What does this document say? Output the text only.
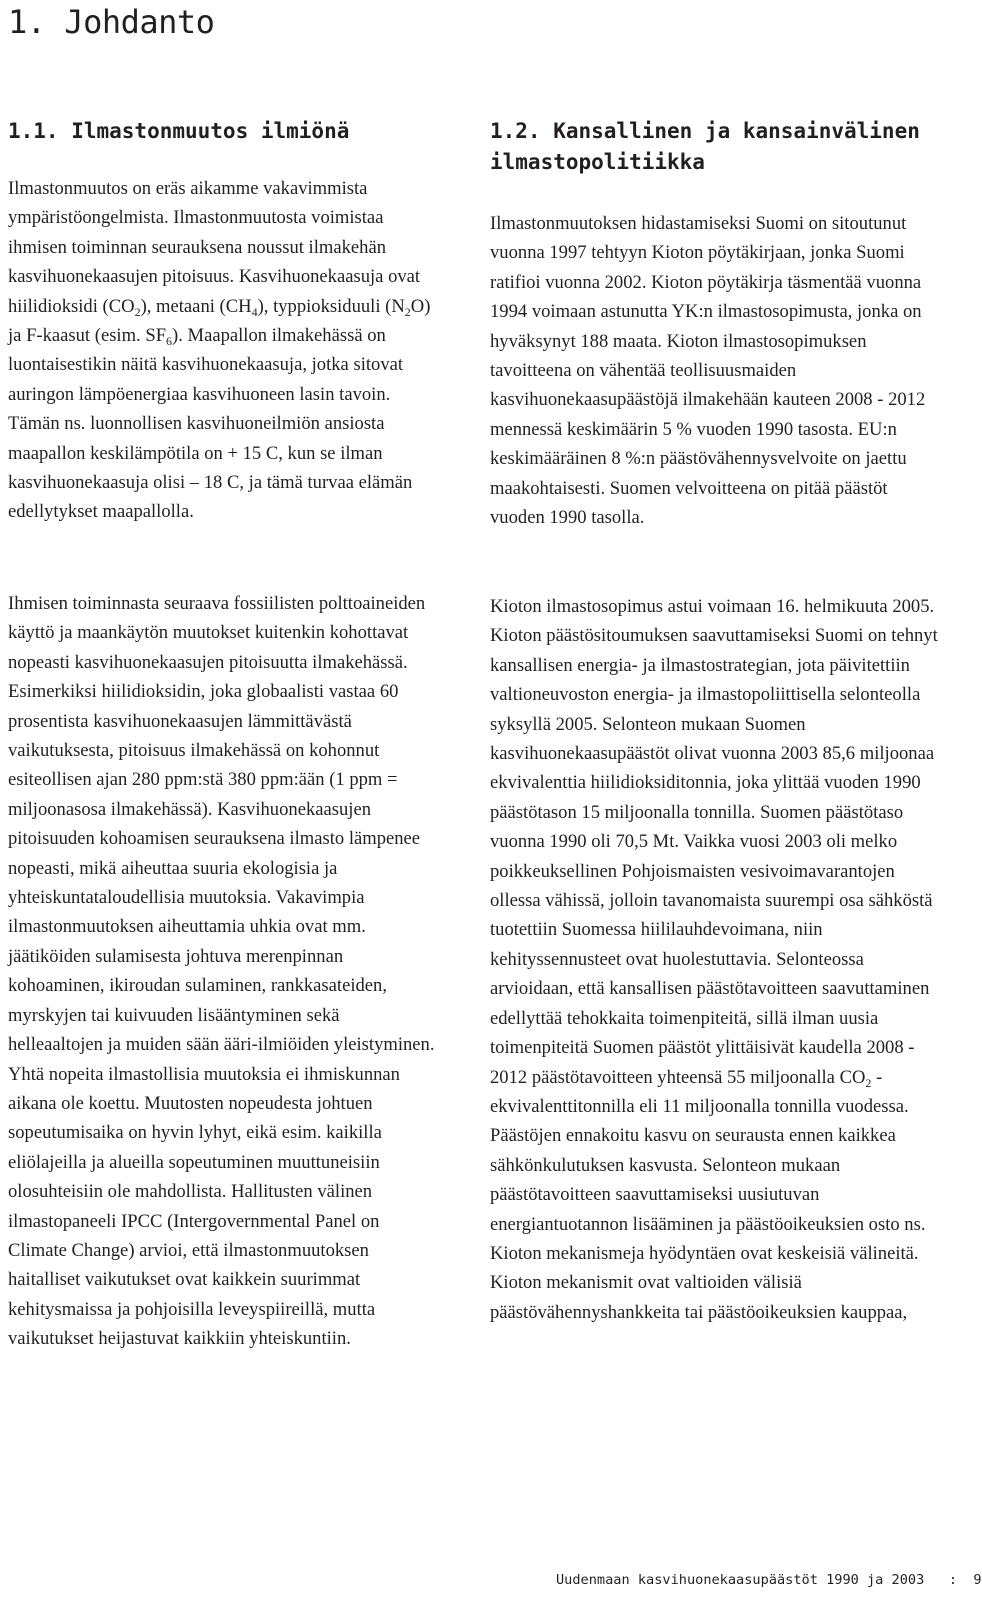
1. Johdanto
1.1. Ilmastonmuutos ilmiönä

Ilmastonmuutos on eräs aikamme vakavimmista ympäristöongelmista. Ilmastonmuutosta voimistaa ihmisen toiminnan seurauksena noussut ilmakehän kasvihuonekaasujen pitoisuus. Kasvihuonekaasuja ovat hiilidioksidi $(CO_2)$, metaani $(CH_4)$, typpioksiduuli $(N_2O)$ ja F-kaasut (esim. $SF_6$). Maapallon ilmakehässä on luontaisestikin näitä kasvihuonekaasuja, jotka sitovat auringon lämpöenergiaa kasvihuoneen lasin tavoin. Tämän ns. luonnollisen kasvihuoneilmiön ansiosta maapallon keskilämpötila on + 15 C, kun se ilman kasvihuonekaasuja olisi – 18 C, ja tämä turvaa elämän edellytykset maapallolla.

Ihmisen toiminnasta seuraava fossiilisten polttoaineiden käyttö ja maankäytön muutokset kuitenkin kohottavat nopeasti kasvihuonekaasujen pitoisuutta ilmakehässä. Esimerkiksi hiilidioksidin, joka globaalisti vastaa 60 prosentista kasvihuonekaasujen lämmittävästä vaikutuksesta, pitoisuus ilmakehässä on kohonnut esiteollisen ajan 280 ppm:stä 380 ppm:ään (1 ppm = miljoonasosa ilmakehässä). Kasvihuonekaasujen pitoisuuden kohoamisen seurauksena ilmasto lämpenee nopeasti, mikä aiheuttaa suuria ekologisia ja yhteiskuntataloudellisia muutoksia. Vakavimpia ilmastonmuutoksen aiheuttamia uhkia ovat mm. jäätiköiden sulamisesta johtuva merenpinnan kohoaminen, ikiroudan sulaminen, rankkasateiden, myrskyjen tai kuivuuden lisääntyminen sekä helleaaltojen ja muiden sään ääri-ilmiöiden yleistyminen. Yhtä nopeita ilmastollisia muutoksia ei ihmiskunnan aikana ole koettu. Muutosten nopeudesta johtuen sopeutumisaika on hyvin lyhyt, eikä esim. kaikilla eliölajeilla ja alueilla sopeutuminen muuttuneisiin olosuhteisiin ole mahdollista. Hallitusten välinen ilmastopaneeli IPCC (Intergovernmental Panel on Climate Change) arvioi, että ilmastonmuutoksen haitalliset vaikutukset ovat kaikkein suurimmat kehitysmaissa ja pohjoisilla leveyspiireillä, mutta vaikutukset heijastuvat kaikkiin yhteiskuntiin.

1.2. Kansallinen ja kansainvälinen
ilmastopolitiikka

Ilmastonmuutoksen hidastamiseksi Suomi on sitoutunut vuonna 1997 tehtyyn Kioton pöytäkirjaan, jonka Suomi ratifioi vuonna 2002. Kioton pöytäkirja täsmentää vuonna 1994 voimaan astunutta YK:n ilmastosopimusta, jonka on hyväksynyt 188 maata. Kioton ilmastosopimuksen tavoitteena on vähentää teollisuusmaiden kasvihuonekaasupäästöjä ilmakehään kauteen 2008 - 2012 mennessä keskimäärin 5 % vuoden 1990 tasosta. EU:n keskimääräinen 8 %:n päästövähennysvelvoite on jaettu maakohtaisesti. Suomen velvoitteena on pitää päästöt vuoden 1990 tasolla.

Kioton ilmastosopimus astui voimaan 16. helmikuuta 2005. Kioton päästösitoumuksen saavuttamiseksi Suomi on tehnyt kansallisen energia- ja ilmastostrategian, jota päivitettiin valtioneuvoston energia- ja ilmastopoliittisella selonteolla syksyllä 2005. Selonteon mukaan Suomen kasvihuonekaasupäästöt olivat vuonna 2003 85,6 miljoonaa ekvivalenttia hiilidioksiditonnia, joka ylittää vuoden 1990 päästötason 15 miljoonalla tonnilla. Suomen päästötaso vuonna 1990 oli 70,5 Mt. Vaikka vuosi 2003 oli melko poikkeuksellinen Pohjoismaisten vesivoimavarantojen ollessa vähissä, jolloin tavanomaista suurempi osa sähköstä tuotettiin Suomessa hiililauhdevoimana, niin kehityssennusteet ovat huolestuttavia. Selonteossa arvioidaan, että kansallisen päästötavoitteen saavuttaminen edellyttää tehokkaita toimenpiteitä, sillä ilman uusia toimenpiteitä Suomen päästöt ylittäisivät kaudella 2008 - 2012 päästötavoitteen yhteensä 55 miljoonalla $CO_2$ -ekvivalenttitonnilla eli 11 miljoonalla tonnilla vuodessa. Päästöjen ennakoitu kasvu on seurausta ennen kaikkea sähkönkulutuksen kasvusta. Selonteon mukaan päästötavoitteen saavuttamiseksi uusiutuvan energiantuotannon lisääminen ja päästöoikeuksien osto ns. Kioton mekanismeja hyödyntäen ovat keskeisiä välineitä. Kioton mekanismit ovat valtioiden välisiä päästövähennyshankkeita tai päästöoikeuksien kauppaa,

Uudenmaan kasvihuonekaasupäästöt 1990 ja 2003 : 9
